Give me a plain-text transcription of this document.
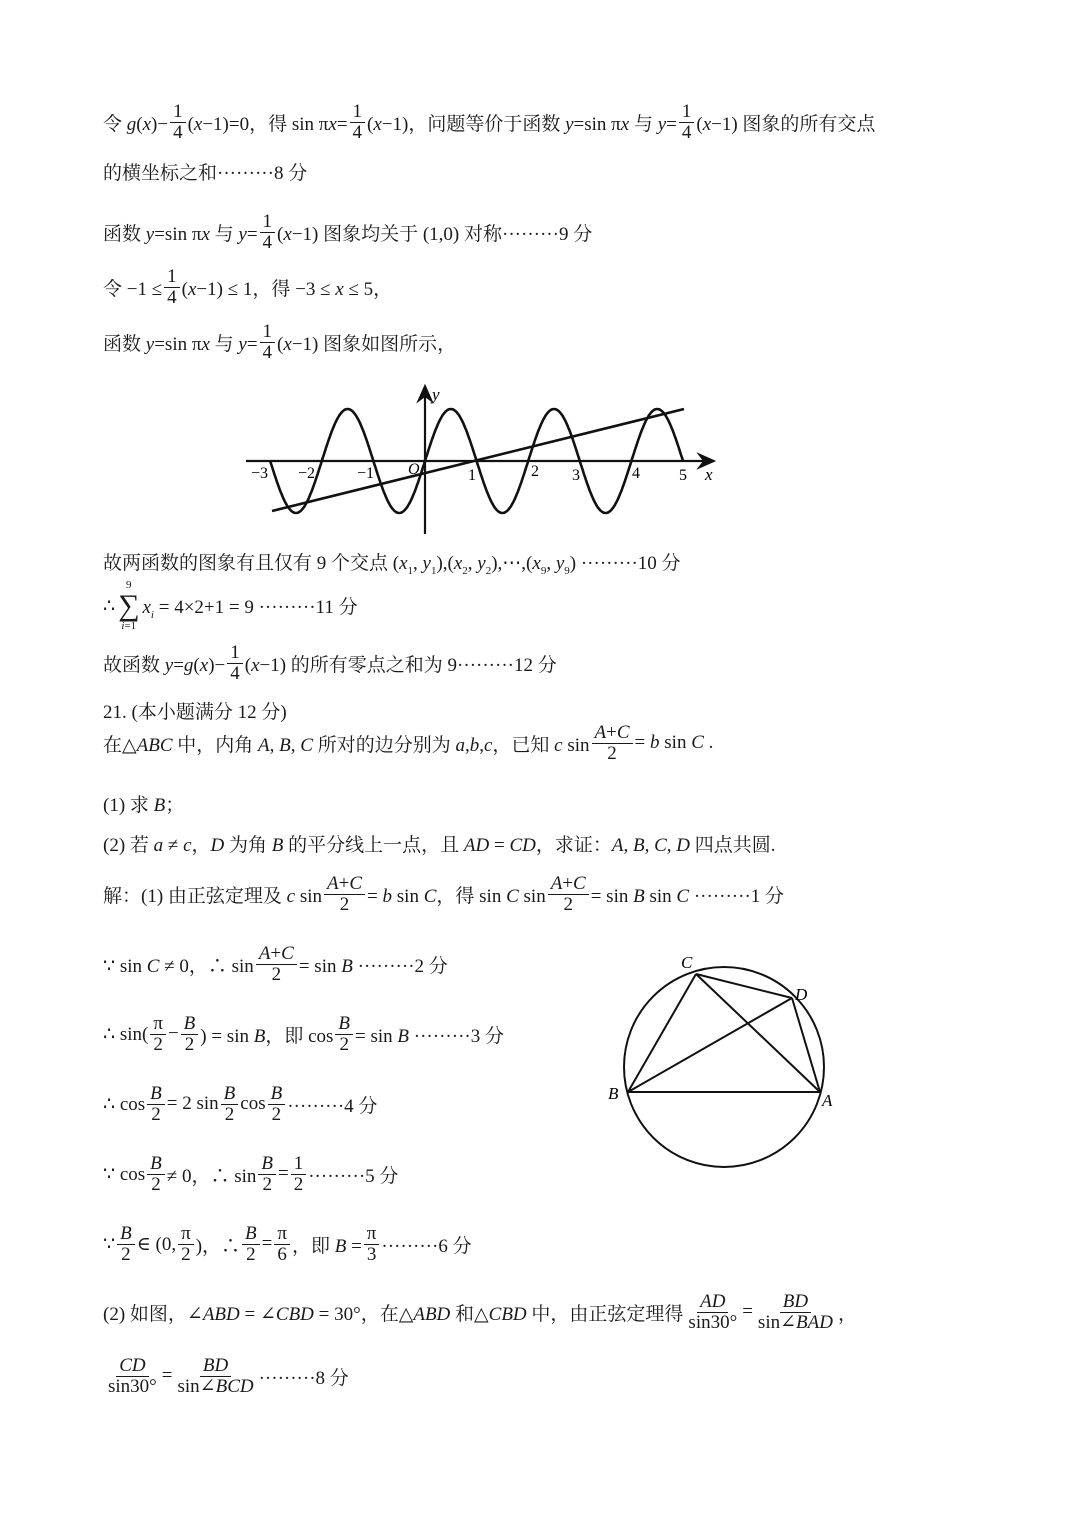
令 $g(x)- \frac{1}{4} (x-1)=0$，得 $\sin \pi x= \frac{1}{4} (x-1)$，问题等价于函数 y=sin πx 与 $y= \frac{1}{4} (x-1)$ 图象的所有交点
的横坐标之和·········8 分
函数 y=sin πx 与 $y= \frac{1}{4} (x-1)$ 图象均关于 (1,0) 对称·········9 分
令 $-1 \le \frac{1}{4} (x-1) \le 1$，得 −3 ≤ x ≤ 5，
函数 y=sin πx 与 $y= \frac{1}{4} (x-1)$ 图象如图所示，
−3 −2	−1 O	1	2 3	4 5 x
y
故两函数的图象有且仅有 9 个交点 ($x_1$, $y_1),(x_2$, $y_2),\cdots,(x_9$, $y_9) \cdot\cdot\cdot\cdot\cdot\cdot\cdot\cdot\cdot 10$ 分
∴
9
∑
i=1
$x_i = 4\times 2+1 = 9 \cdot\cdot\cdot\cdot\cdot\cdot\cdot\cdot\cdot 11$ 分
故函数 $y=g(x)- \frac{1}{4} (x-1)$ 的所有零点之和为 9·········12 分
21. (本小题满分 12 分)
在△ABC 中，内角 A, B, C 所对的边分别为 a,b,c，已知 c $\sin \frac{A+C}{2} = b$ sin C .
(1) 求 B；
(2) 若 a ≠ c，D 为角 B 的平分线上一点，且 AD = CD，求证：A, B, C, D 四点共圆.
解：(1) 由正弦定理及 c $\sin \frac{A+C}{2} = b$ sin C，得 sin C $\sin \frac{A+C}{2} = \sin B$ sin C ·········1 分
∵ sin C ≠ 0，∴ $\sin \frac{A+C}{2} = \sin B \cdot\cdot\cdot\cdot\cdot\cdot\cdot\cdot\cdot 2$ 分
∴ $\sin( \frac{\pi}{2} - \frac{B}{2}$ ) = sin B，即 $\cos \frac{B}{2} = \sin B \cdot\cdot\cdot\cdot\cdot\cdot\cdot\cdot\cdot 3$ 分
∴ $\cos \frac{B}{2} = 2$ $\sin \frac{B}{2}$ $\cos \frac{B}{2} \cdot\cdot\cdot\cdot\cdot\cdot\cdot\cdot\cdot 4$ 分
∵ $\cos \frac{B}{2} \ne 0$，∴ $\sin \frac{B}{2} = \frac{1}{2} \cdot\cdot\cdot\cdot\cdot\cdot\cdot\cdot\cdot 5$ 分
∵ $\frac{B}{2}$ ∈ (0, $\frac{\pi}{2}$ )，∴ $\frac{B}{2} = \frac{\pi}{6}$ ，即 $B = \frac{\pi}{3} \cdot\cdot\cdot\cdot\cdot\cdot\cdot\cdot\cdot 6$ 分
(2) 如图，∠ABD = ∠CBD = 30°，在△ABD 和△CBD 中，由正弦定理得 $\frac{AD}{\sin 30^\circ} = \frac{BD}{\text{sin∠BAD}}$ ，
$\frac{CD}{\sin 30^\circ} = \frac{BD}{\text{sin∠BCD}} \cdot\cdot\cdot\cdot\cdot\cdot\cdot\cdot\cdot 8$ 分
C
D
B	A
